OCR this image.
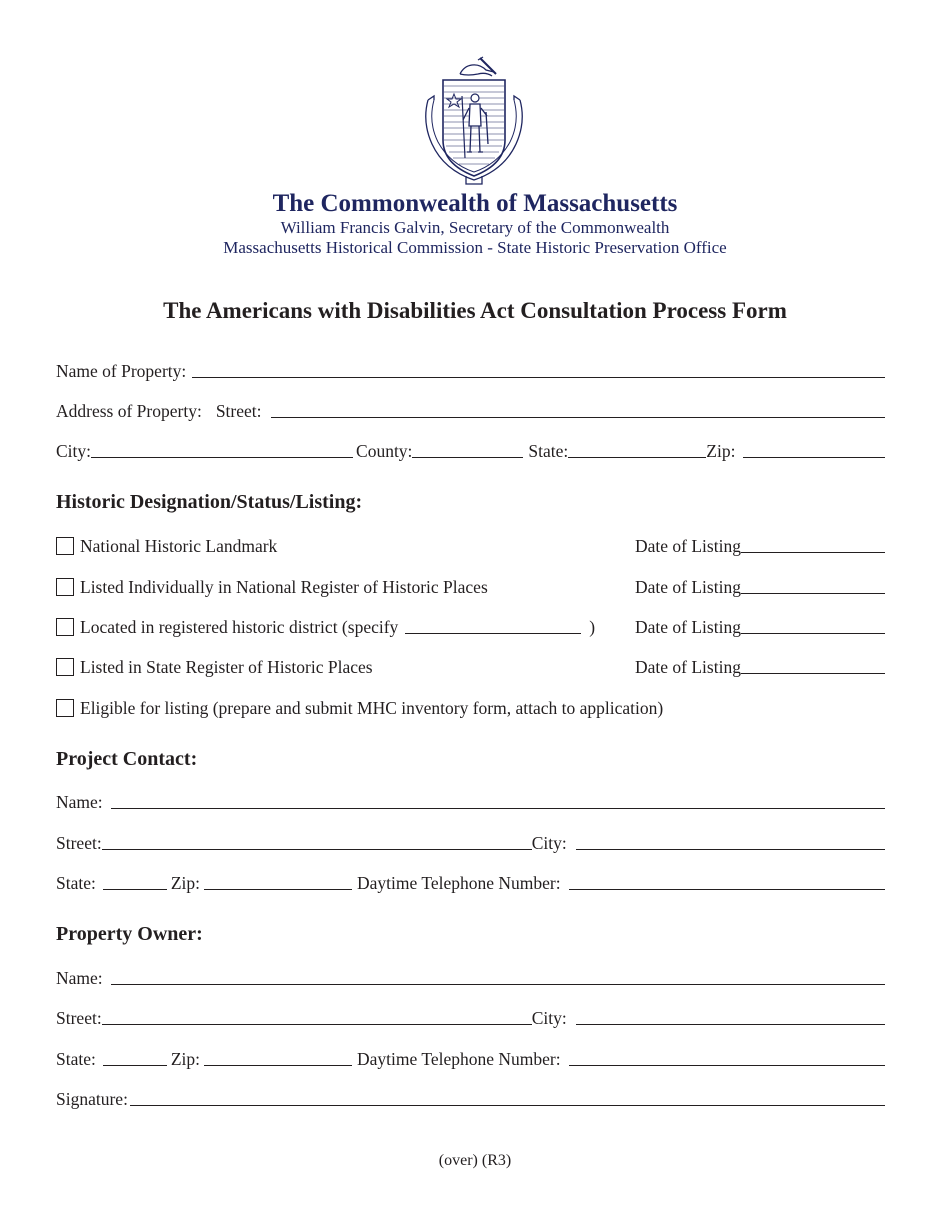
The Commonwealth of Massachusetts
William Francis Galvin, Secretary of the Commonwealth
Massachusetts Historical Commission - State Historic Preservation Office
The Americans with Disabilities Act Consultation Process Form
Name of Property:
Address of Property: Street:
City:	County:	State:	Zip:
Historic Designation/Status/Listing:
National Historic Landmark	Date of Listing
Listed Individually in National Register of Historic Places	Date of Listing
Located in registered historic district (specify	) Date of Listing
Listed in State Register of Historic Places	Date of Listing
Eligible for listing (prepare and submit MHC inventory form, attach to application)
Project Contact:
Name:
Street:	City:
State:	Zip:	Daytime Telephone Number:
Property Owner:
Name:
Street:	City:
State:	Zip:	Daytime Telephone Number:
Signature:
(over) (R3)
